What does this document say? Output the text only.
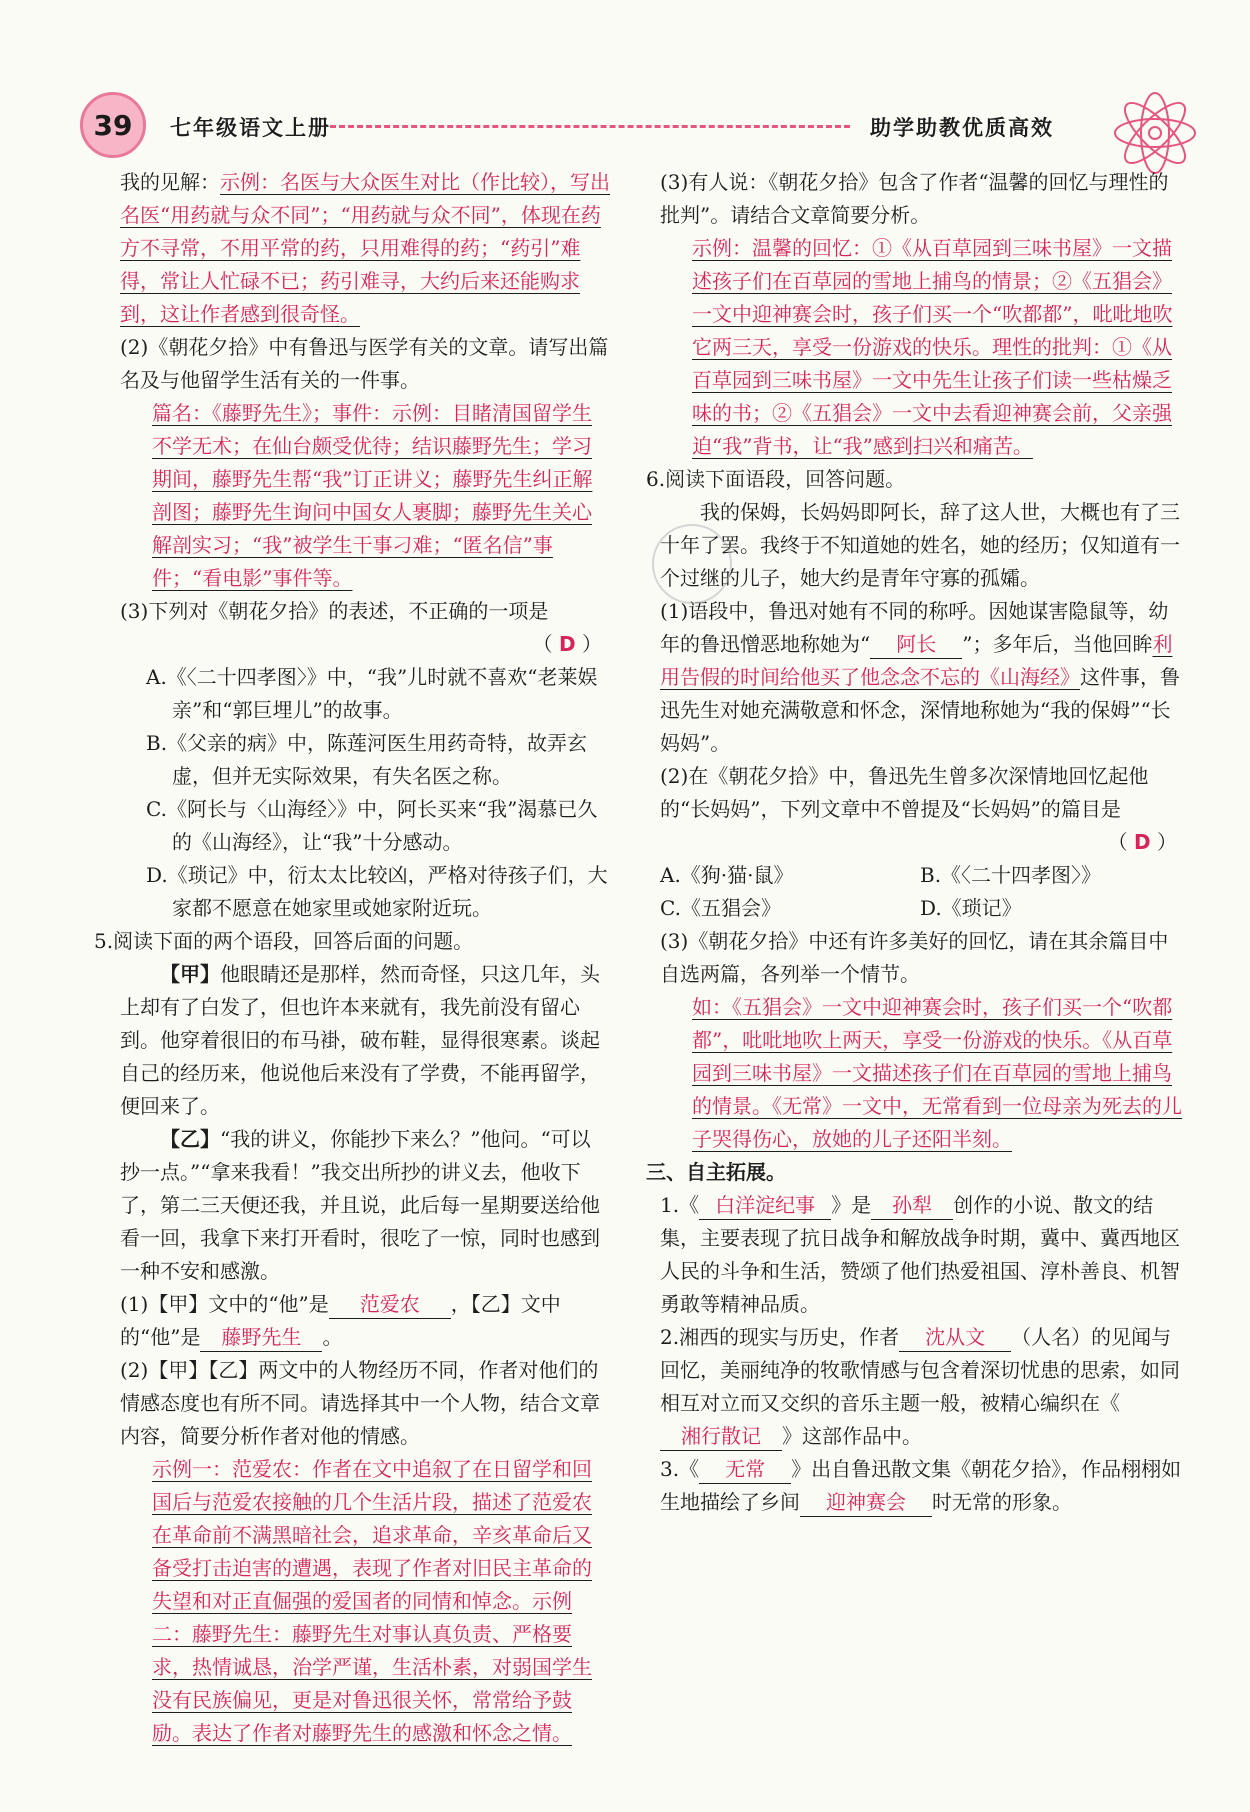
39	七年级语文上册	助学助教优质高效

我的见解：示例：名医与大众医生对比（作比较），写出名医“用药就与众不同”；“用药就与众不同”，体现在药方不寻常，不用平常的药，只用难得的药；“药引”难得，常让人忙碌不已；药引难寻，大约后来还能购求到，这让作者感到很奇怪。

(2)《朝花夕拾》中有鲁迅与医学有关的文章。请写出篇名及与他留学生活有关的一件事。

篇名：《藤野先生》；事件：示例：目睹清国留学生不学无术；在仙台颇受优待；结识藤野先生；学习期间，藤野先生帮“我”订正讲义；藤野先生纠正解剖图；藤野先生询问中国女人裹脚；藤野先生关心解剖实习；“我”被学生干事刁难；“匿名信”事件；“看电影”事件等。

(3)下列对《朝花夕拾》的表述，不正确的一项是

（ D ）

A.《〈二十四孝图〉》中，“我”儿时就不喜欢“老莱娱亲”和“郭巨埋儿”的故事。

B.《父亲的病》中，陈莲河医生用药奇特，故弄玄虚，但并无实际效果，有失名医之称。

C.《阿长与〈山海经〉》中，阿长买来“我”渴慕已久的《山海经》，让“我”十分感动。

D.《琐记》中，衍太太比较凶，严格对待孩子们，大家都不愿意在她家里或她家附近玩。

5.阅读下面的两个语段，回答后面的问题。

【甲】他眼睛还是那样，然而奇怪，只这几年，头上却有了白发了，但也许本来就有，我先前没有留心到。他穿着很旧的布马褂，破布鞋，显得很寒素。谈起自己的经历来，他说他后来没有了学费，不能再留学，便回来了。

【乙】“我的讲义，你能抄下来么？”他问。“可以抄一点。”“拿来我看！”我交出所抄的讲义去，他收下了，第二三天便还我，并且说，此后每一星期要送给他看一回，我拿下来打开看时，很吃了一惊，同时也感到一种不安和感激。

(1)【甲】文中的“他”是 范爱农 ，【乙】文中的“他”是 藤野先生 。

(2)【甲】【乙】两文中的人物经历不同，作者对他们的情感态度也有所不同。请选择其中一个人物，结合文章内容，简要分析作者对他的情感。

示例一：范爱农：作者在文中追叙了在日留学和回国后与范爱农接触的几个生活片段，描述了范爱农在革命前不满黑暗社会，追求革命，辛亥革命后又备受打击迫害的遭遇，表现了作者对旧民主革命的失望和对正直倔强的爱国者的同情和悼念。示例二：藤野先生：藤野先生对事认真负责、严格要求，热情诚恳，治学严谨，生活朴素，对弱国学生没有民族偏见，更是对鲁迅很关怀，常常给予鼓励。表达了作者对藤野先生的感激和怀念之情。

(3)有人说：《朝花夕拾》包含了作者“温馨的回忆与理性的批判”。请结合文章简要分析。

示例：温馨的回忆：①《从百草园到三味书屋》一文描述孩子们在百草园的雪地上捕鸟的情景；②《五猖会》一文中迎神赛会时，孩子们买一个“吹都都”，吡吡地吹它两三天，享受一份游戏的快乐。理性的批判：①《从百草园到三味书屋》一文中先生让孩子们读一些枯燥乏味的书；②《五猖会》一文中去看迎神赛会前，父亲强迫“我”背书，让“我”感到扫兴和痛苦。

6.阅读下面语段，回答问题。

我的保姆，长妈妈即阿长，辞了这人世，大概也有了三十年了罢。我终于不知道她的姓名，她的经历；仅知道有一个过继的儿子，她大约是青年守寡的孤孀。

(1)语段中，鲁迅对她有不同的称呼。因她谋害隐鼠等，幼年的鲁迅憎恶地称她为“ 阿长 ”；多年后，当他回眸利用告假的时间给他买了他念念不忘的《山海经》这件事，鲁迅先生对她充满敬意和怀念，深情地称她为“我的保姆”“长妈妈”。

(2)在《朝花夕拾》中，鲁迅先生曾多次深情地回忆起他的“长妈妈”，下列文章中不曾提及“长妈妈”的篇目是

（ D ）

A.《狗·猫·鼠》	B.《〈二十四孝图〉》
C.《五猖会》	D.《琐记》

(3)《朝花夕拾》中还有许多美好的回忆，请在其余篇目中自选两篇，各列举一个情节。

如：《五猖会》一文中迎神赛会时，孩子们买一个“吹都都”，吡吡地吹上两天，享受一份游戏的快乐。《从百草园到三味书屋》一文描述孩子们在百草园的雪地上捕鸟的情景。《无常》一文中，无常看到一位母亲为死去的儿子哭得伤心，放她的儿子还阳半刻。

三、自主拓展。

1.《 白洋淀纪事 》是 孙犁 创作的小说、散文的结集，主要表现了抗日战争和解放战争时期，冀中、冀西地区人民的斗争和生活，赞颂了他们热爱祖国、淳朴善良、机智勇敢等精神品质。

2.湘西的现实与历史，作者 沈从文 （人名）的见闻与回忆，美丽纯净的牧歌情感与包含着深切忧患的思索，如同相互对立而又交织的音乐主题一般，被精心编织在《湘行散记 》这部作品中。

3.《 无常 》出自鲁迅散文集《朝花夕拾》，作品栩栩如生地描绘了乡间 迎神赛会 时无常的形象。
